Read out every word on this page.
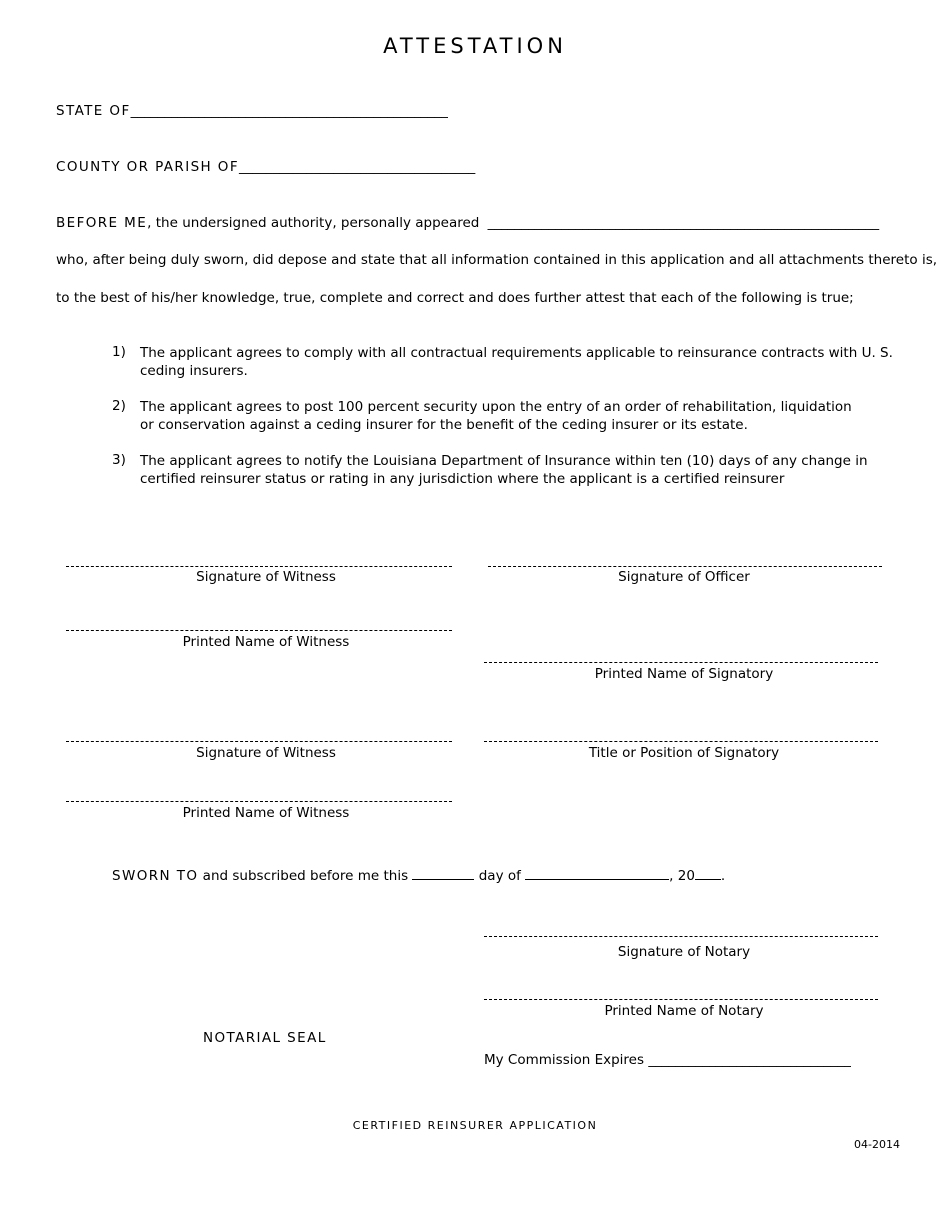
ATTESTATION
STATE OF_______________________________________________
COUNTY OR PARISH OF___________________________________
BEFORE ME, the undersigned authority, personally appeared __________________________________________________________
who, after being duly sworn, did depose and state that all information contained in this application and all attachments thereto is,
to the best of his/her knowledge, true, complete and correct and does further attest that each of the following is true;
1) The applicant agrees to comply with all contractual requirements applicable to reinsurance contracts with U. S. ceding insurers.
2) The applicant agrees to post 100 percent security upon the entry of an order of rehabilitation, liquidation or conservation against a ceding insurer for the benefit of the ceding insurer or its estate.
3) The applicant agrees to notify the Louisiana Department of Insurance within ten (10) days of any change in certified reinsurer status or rating in any jurisdiction where the applicant is a certified reinsurer
Signature of Witness
Printed Name of Witness
Signature of Witness
Printed Name of Witness
Signature of Officer
Printed Name of Signatory
Title or Position of Signatory
SWORN TO and subscribed before me this	day of	, 20 .
Signature of Notary
Printed Name of Notary
NOTARIAL SEAL
My Commission Expires ______________________________
CERTIFIED REINSURER APPLICATION
04-2014
